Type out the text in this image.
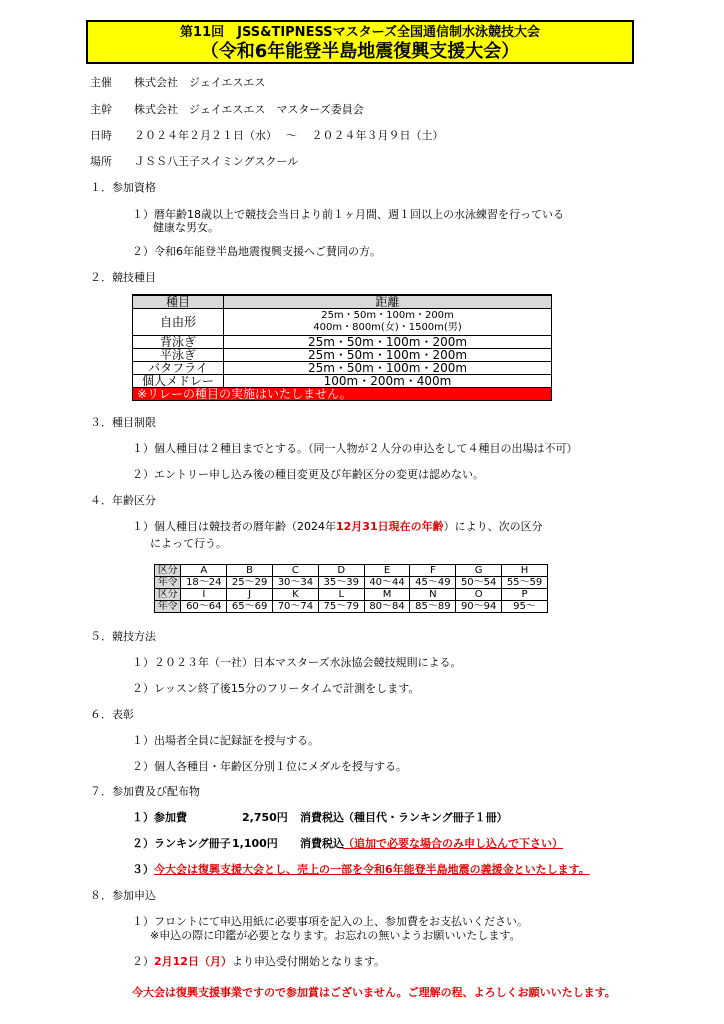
第11回　JSS&TIPNESSマスターズ全国通信制水泳競技大会
（令和6年能登半島地震復興支援大会）
主催　　株式会社　ジェイエスエス
主幹　　株式会社　ジェイエスエス　マスターズ委員会
日時　　２０２４年２月２１日（水）　 ～　 ２０２４年３月９日（土）
場所　　ＪＳＳ八王子スイミングスクール
１．参加資格
１）暦年齢18歳以上で競技会当日より前１ヶ月間、週１回以上の水泳練習を行っている
健康な男女。
２）令和6年能登半島地震復興支援へご賛同の方。
２．競技種目
種目	距離
自由形	25m・50m・100m・200m
400m・800m(女)・1500m(男)

背泳ぎ	25m・50m・100m・200m
平泳ぎ	25m・50m・100m・200m
バタフライ	25m・50m・100m・200m
個人メドレー	100m・200m・400m
※リレーの種目の実施はいたしません。	
３．種目制限
１）個人種目は２種目までとする。（同一人物が２人分の申込をして４種目の出場は不可）
２）エントリー申し込み後の種目変更及び年齢区分の変更は認めない。
４．年齢区分
１）個人種目は競技者の暦年齢（2024年12月31日現在の年齢）により、次の区分
によって行う。
区分	A	B	C	D	E	F	G	H
年令	18～24	25～29	30～34	35～39	40～44	45～49	50～54	55～59
区分	I	J	K	L	M	N	O	P
年令	60～64	65～69	70～74	75～79	80～84	85～89	90～94	95～
５．競技方法
１）２０２３年（一社）日本マスターズ水泳協会競技規則による。
２）レッスン終了後15分のフリータイムで計測をします。
６．表彰
１）出場者全員に記録証を授与する。
２）個人各種目・年齢区分別１位にメダルを授与する。
７．参加費及び配布物
１）参加費	2,750円 消費税込 （種目代・ランキング冊子１冊）
２）ランキング冊子 1,100円 消費税込 （追加で必要な場合のみ申し込んで下さい）
３）今大会は復興支援大会とし、売上の一部を令和6年能登半島地震の義援金といたします。
８．参加申込
１）フロントにて申込用紙に必要事項を記入の上、参加費をお支払いください。
※申込の際に印鑑が必要となります。お忘れの無いようお願いいたします。
２）2月12日（月）より申込受付開始となります。
今大会は復興支援事業ですので参加賞はございません。ご理解の程、よろしくお願いいたします。
